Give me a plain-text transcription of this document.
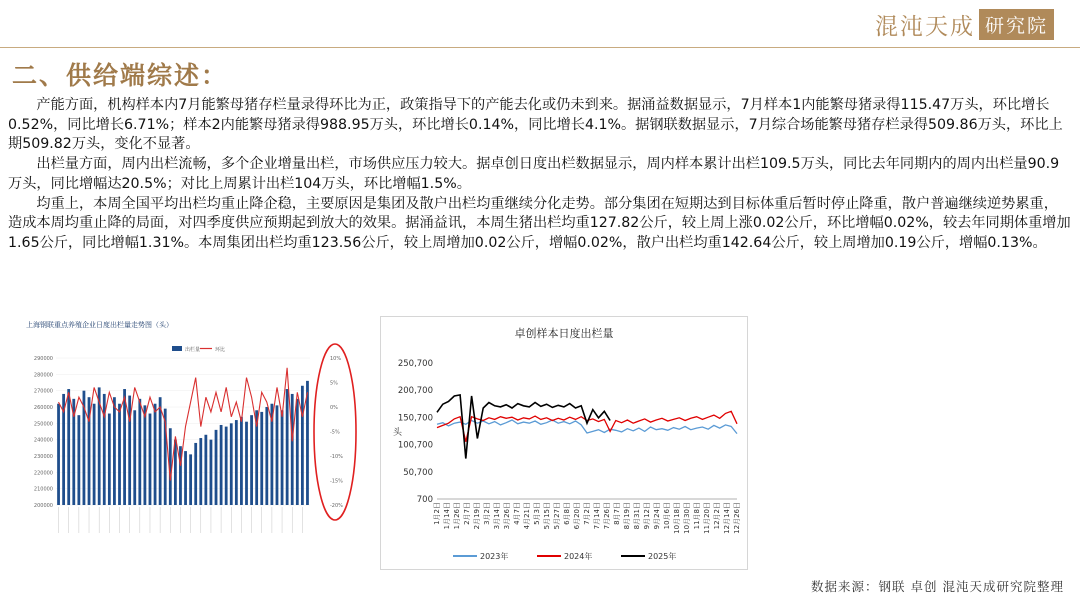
混沌天成 研究院
二、供给端综述：

产能方面，机构样本内7月能繁母猪存栏量录得环比为正，政策指导下的产能去化或仍未到来。据涌益数据显示，7月样本1内能繁母猪录得115.47万头，环比增长0.52%，同比增长6.71%；样本2内能繁母猪录得988.95万头，环比增长0.14%，同比增长4.1%。据钢联数据显示，7月综合场能繁母猪存栏录得509.86万头，环比上期509.82万头，变化不显著。

出栏量方面，周内出栏流畅，多个企业增量出栏，市场供应压力较大。据卓创日度出栏数据显示，周内样本累计出栏109.5万头，同比去年同期内的周内出栏量90.9万头，同比增幅达20.5%；对比上周累计出栏104万头，环比增幅1.5%。

均重上，本周全国平均出栏均重止降企稳，主要原因是集团及散户出栏均重继续分化走势。部分集团在短期达到目标体重后暂时停止降重，散户普遍继续逆势累重，造成本周均重止降的局面，对四季度供应预期起到放大的效果。据涌益讯，本周生猪出栏均重127.82公斤，较上周上涨0.02公斤，环比增幅0.02%，较去年同期体重增加1.65公斤，同比增幅1.31%。本周集团出栏均重123.56公斤，较上周增加0.02公斤，增幅0.02%，散户出栏均重142.64公斤，较上周增加0.19公斤，增幅0.13%。

上海钢联重点养殖企业日度出栏量走势图（头）
出栏量	环比
200000
210000
220000
230000
240000
250000
260000
270000
280000
290000	10%
5%
0%
-5%
-10%
-15%
-20%
卓创样本日度出栏量
头
700
50,700
100,700
150,700
200,700
250,700
1月2日 1月14日 1月26日 2月7日 2月19日 3月2日 3月14日 3月26日 4月7日 4月21日 5月3日 5月15日 5月27日 6月8日 6月20日 7月2日 7月14日 7月26日 8月7日 8月19日 8月31日 9月12日 9月24日 10月6日 10月18日 10月30日 11月8日 11月20日 12月2日 12月14日 12月26日
2023年	2024年	2025年
数据来源：钢联 卓创 混沌天成研究院整理
